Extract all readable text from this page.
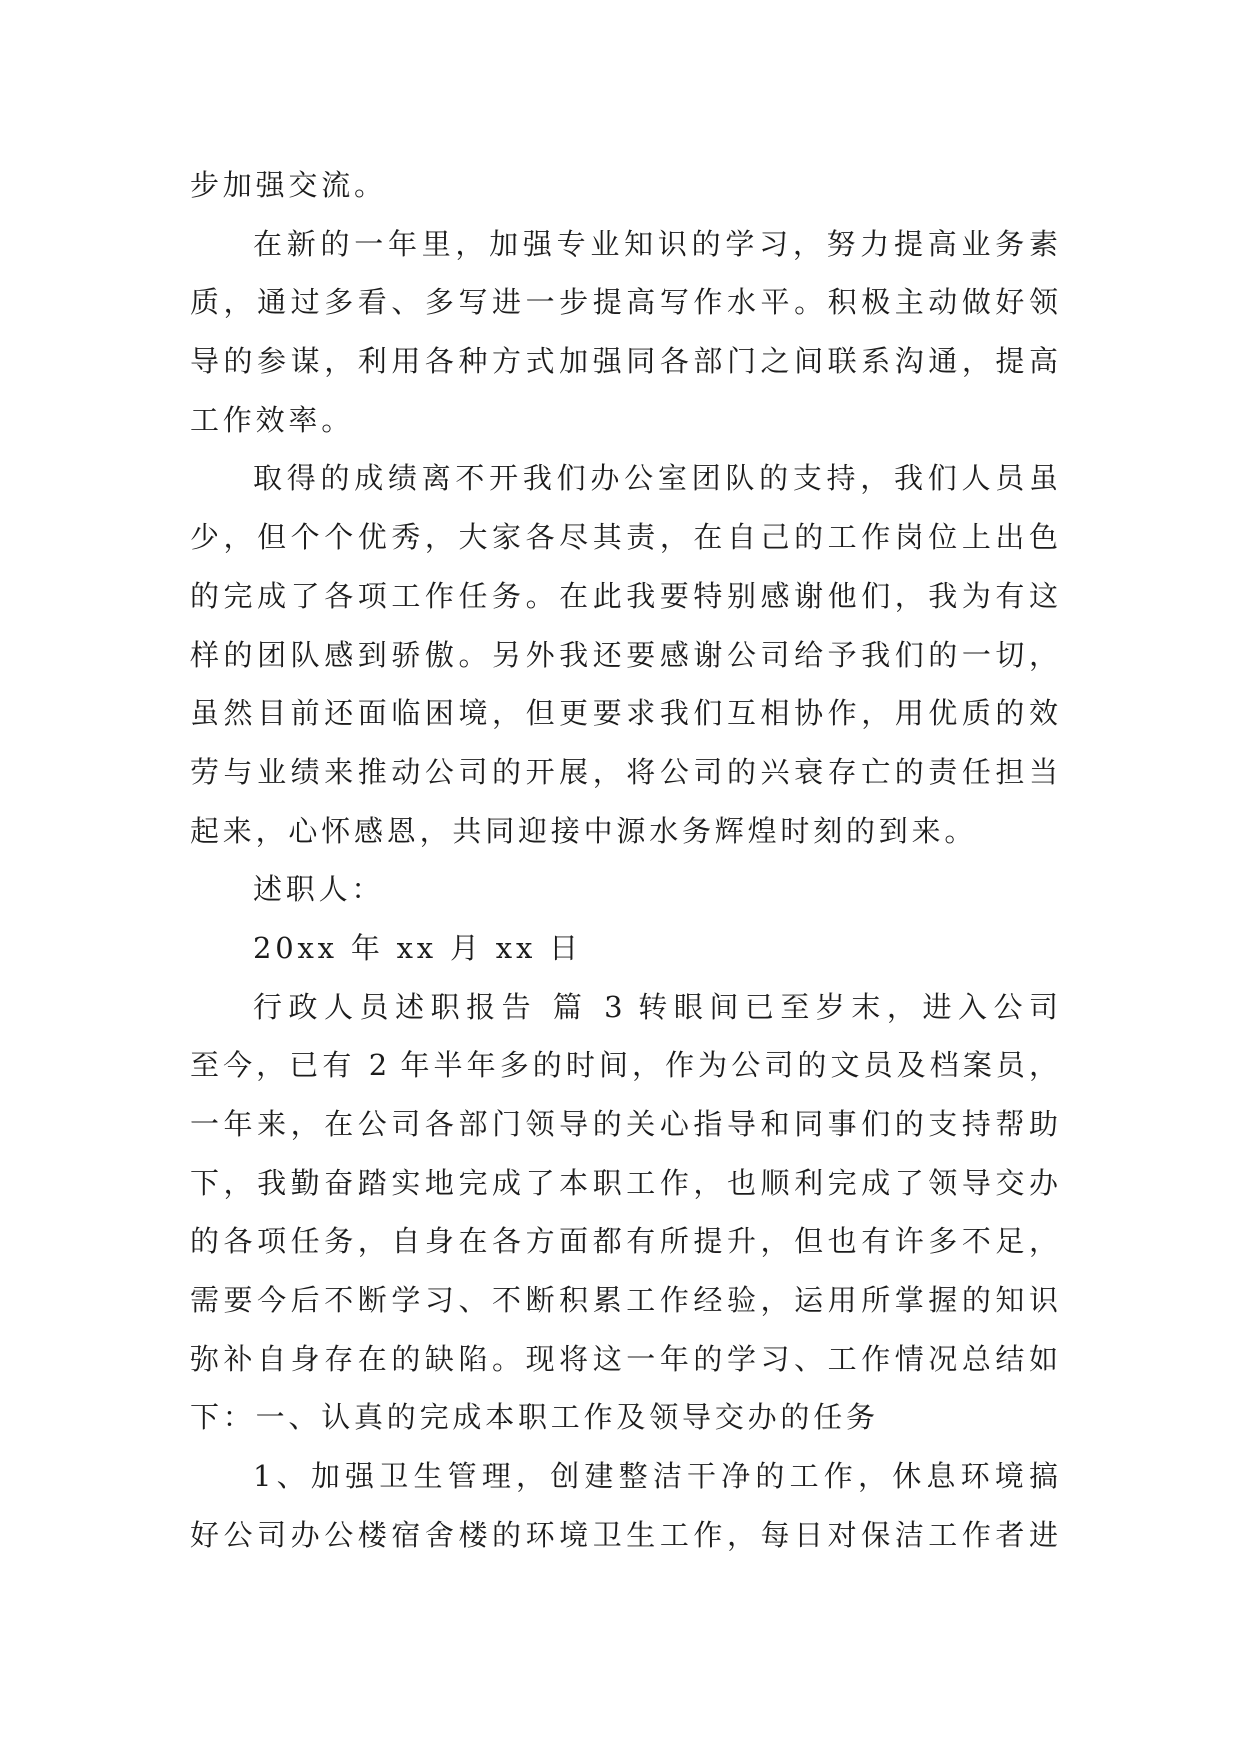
步加强交流。
在新的一年里，加强专业知识的学习，努力提高业务素
质，通过多看、多写进一步提高写作水平。积极主动做好领
导的参谋，利用各种方式加强同各部门之间联系沟通，提高
工作效率。
取得的成绩离不开我们办公室团队的支持，我们人员虽
少，但个个优秀，大家各尽其责，在自己的工作岗位上出色
的完成了各项工作任务。在此我要特别感谢他们，我为有这
样的团队感到骄傲。另外我还要感谢公司给予我们的一切，
虽然目前还面临困境，但更要求我们互相协作，用优质的效
劳与业绩来推动公司的开展，将公司的兴衰存亡的责任担当
起来，心怀感恩，共同迎接中源水务辉煌时刻的到来。
述职人：
20xx 年 xx 月 xx 日
行政人员述职报告 篇 3 转眼间已至岁末，进入公司
至今，已有 2 年半年多的时间，作为公司的文员及档案员，
一年来，在公司各部门领导的关心指导和同事们的支持帮助
下，我勤奋踏实地完成了本职工作，也顺利完成了领导交办
的各项任务，自身在各方面都有所提升，但也有许多不足，
需要今后不断学习、不断积累工作经验，运用所掌握的知识
弥补自身存在的缺陷。现将这一年的学习、工作情况总结如
下：一、认真的完成本职工作及领导交办的任务
1、加强卫生管理，创建整洁干净的工作，休息环境搞
好公司办公楼宿舍楼的环境卫生工作，每日对保洁工作者进
